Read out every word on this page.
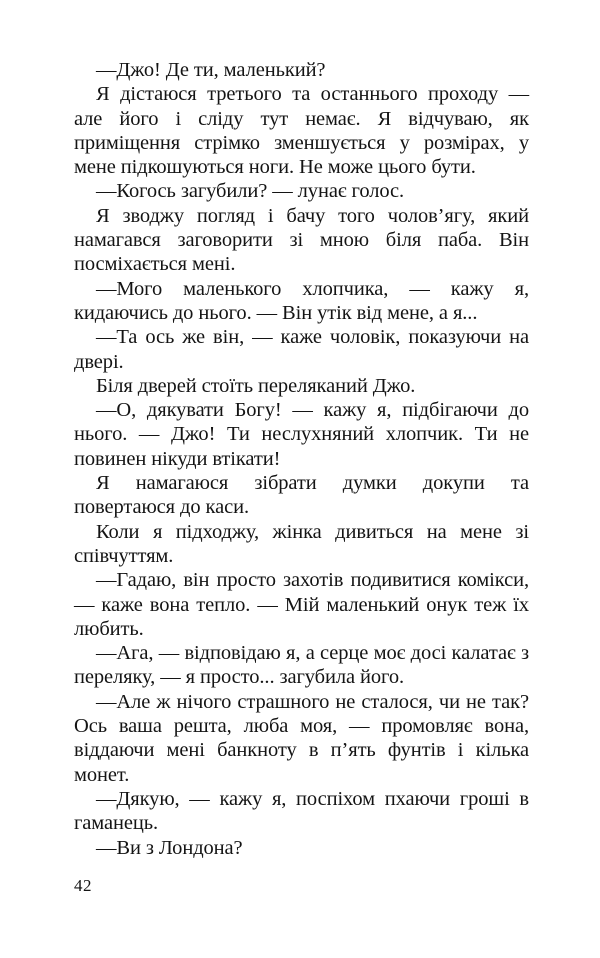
—Джо! Де ти, маленький?

Я дістаюся третього та останнього проходу — але його і сліду тут немає. Я відчуваю, як приміщення стрімко зменшується у розмірах, у мене підкошуються ноги. Не може цього бути.

—Когось загубили? — лунає голос.

Я зводжу погляд і бачу того чолов’ягу, який намагався заговорити зі мною біля паба. Він посміхається мені.

—Мого маленького хлопчика, — кажу я, кидаючись до нього. — Він утік від мене, а я...

—Та ось же він, — каже чоловік, показуючи на двері.

Біля дверей стоїть переляканий Джо.

—О, дякувати Богу! — кажу я, підбігаючи до нього. — Джо! Ти неслухняний хлопчик. Ти не повинен нікуди втікати!

Я намагаюся зібрати думки докупи та повертаюся до каси.

Коли я підходжу, жінка дивиться на мене зі співчуттям.

—Гадаю, він просто захотів подивитися комікси, — каже вона тепло. — Мій маленький онук теж їх любить.

—Ага, — відповідаю я, а серце моє досі калатає з переляку, — я просто... загубила його.

—Але ж нічого страшного не сталося, чи не так? Ось ваша решта, люба моя, — промовляє вона, віддаючи мені банкноту в п’ять фунтів і кілька монет.

—Дякую, — кажу я, поспіхом пхаючи гроші в гаманець.

—Ви з Лондона?

42
